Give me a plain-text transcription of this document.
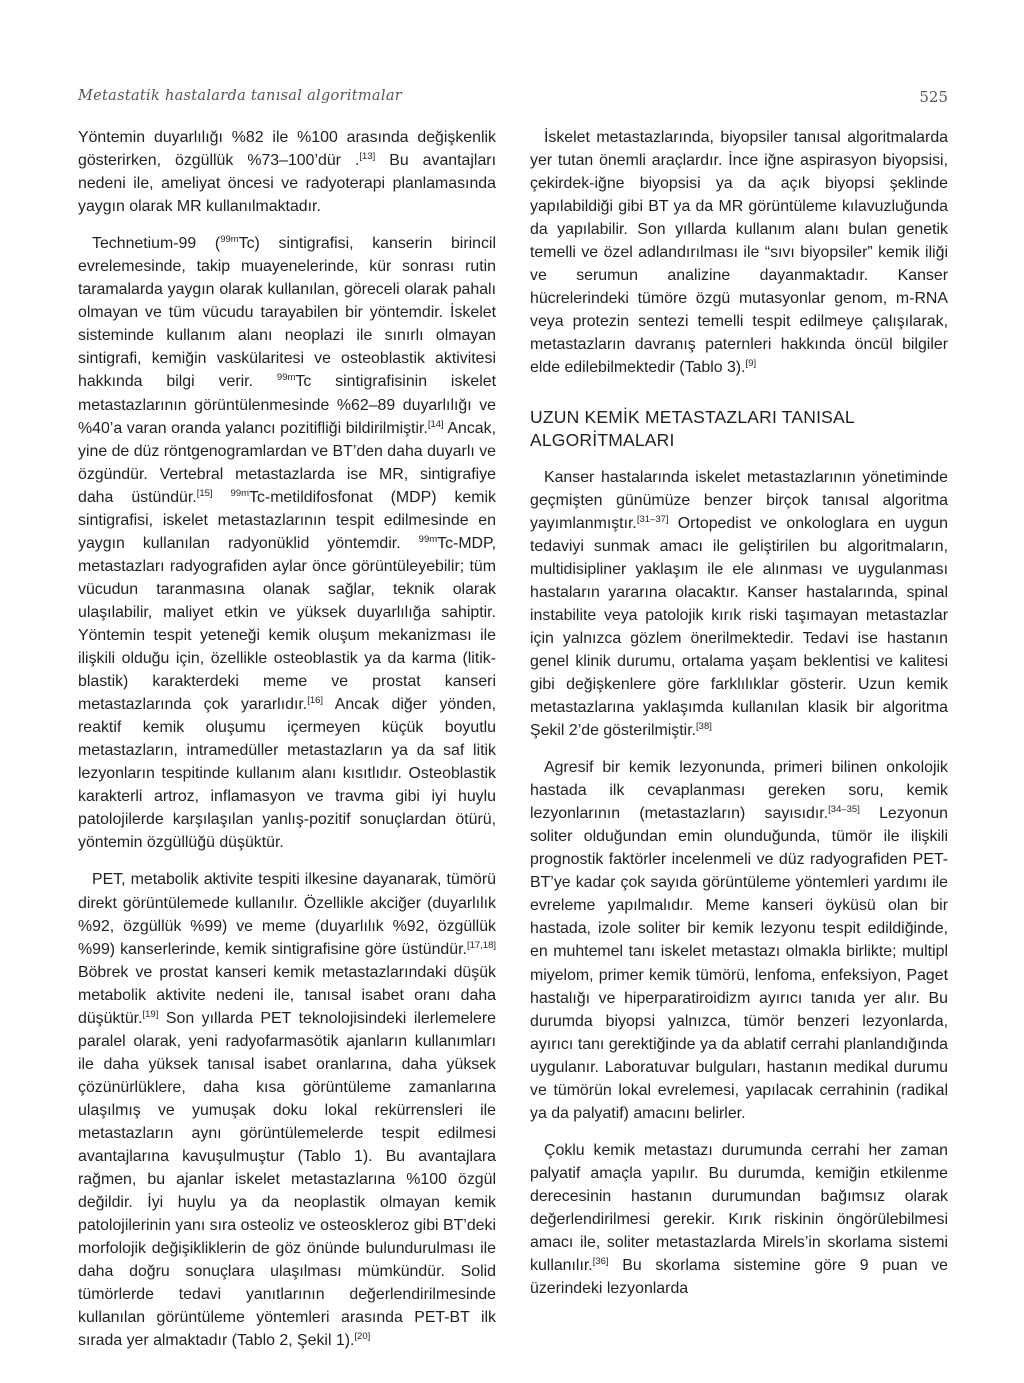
Metastatik hastalarda tanısal algoritmalar	525

Yöntemin duyarlılığı %82 ile %100 arasında değişkenlik gösterirken, özgüllük %73–100’dür .[13] Bu avantajları nedeni ile, ameliyat öncesi ve radyoterapi planlamasında yaygın olarak MR kullanılmaktadır.

Technetium-99 ($^{99m}$Tc) sintigrafisi, kanserin birincil evrelemesinde, takip muayenelerinde, kür sonrası rutin taramalarda yaygın olarak kullanılan, göreceli olarak pahalı olmayan ve tüm vücudu tarayabilen bir yöntemdir. İskelet sisteminde kullanım alanı neoplazi ile sınırlı olmayan sintigrafi, kemiğin vaskülaritesi ve osteoblastik aktivitesi hakkında bilgi verir. $^{99m}$Tc sintigrafisinin iskelet metastazlarının görüntülenmesinde %62–89 duyarlılığı ve %40’a varan oranda yalancı pozitifliği bildirilmiştir.[14] Ancak, yine de düz röntgenogramlardan ve BT’den daha duyarlı ve özgündür. Vertebral metastazlarda ise MR, sintigrafiye daha üstündür.[15] $^{99m}$Tc-metildifosfonat (MDP) kemik sintigrafisi, iskelet metastazlarının tespit edilmesinde en yaygın kullanılan radyonüklid yöntemdir. $^{99m}$Tc-MDP, metastazları radyografiden aylar önce görüntüleyebilir; tüm vücudun taranmasına olanak sağlar, teknik olarak ulaşılabilir, maliyet etkin ve yüksek duyarlılığa sahiptir. Yöntemin tespit yeteneği kemik oluşum mekanizması ile ilişkili olduğu için, özellikle osteoblastik ya da karma (litik-blastik) karakterdeki meme ve prostat kanseri metastazlarında çok yararlıdır.[16] Ancak diğer yönden, reaktif kemik oluşumu içermeyen küçük boyutlu metastazların, intramedüller metastazların ya da saf litik lezyonların tespitinde kullanım alanı kısıtlıdır. Osteoblastik karakterli artroz, inflamasyon ve travma gibi iyi huylu patolojilerde karşılaşılan yanlış-pozitif sonuçlardan ötürü, yöntemin özgüllüğü düşüktür.

PET, metabolik aktivite tespiti ilkesine dayanarak, tümörü direkt görüntülemede kullanılır. Özellikle akciğer (duyarlılık %92, özgüllük %99) ve meme (duyarlılık %92, özgüllük %99) kanserlerinde, kemik sintigrafisine göre üstündür.[17,18] Böbrek ve prostat kanseri kemik metastazlarındaki düşük metabolik aktivite nedeni ile, tanısal isabet oranı daha düşüktür.[19] Son yıllarda PET teknolojisindeki ilerlemelere paralel olarak, yeni radyofarmasötik ajanların kullanımları ile daha yüksek tanısal isabet oranlarına, daha yüksek çözünürlüklere, daha kısa görüntüleme zamanlarına ulaşılmış ve yumuşak doku lokal rekürrensleri ile metastazların aynı görüntülemelerde tespit edilmesi avantajlarına kavuşulmuştur (Tablo 1). Bu avantajlara rağmen, bu ajanlar iskelet metastazlarına %100 özgül değildir. İyi huylu ya da neoplastik olmayan kemik patolojilerinin yanı sıra osteoliz ve osteoskleroz gibi BT’deki morfolojik değişikliklerin de göz önünde bulundurulması ile daha doğru sonuçlara ulaşılması mümkündür. Solid tümörlerde tedavi yanıtlarının değerlendirilmesinde kullanılan görüntüleme yöntemleri arasında PET-BT ilk sırada yer almaktadır (Tablo 2, Şekil 1).[20]

İskelet metastazlarında, biyopsiler tanısal algoritmalarda yer tutan önemli araçlardır. İnce iğne aspirasyon biyopsisi, çekirdek-iğne biyopsisi ya da açık biyopsi şeklinde yapılabildiği gibi BT ya da MR görüntüleme kılavuzluğunda da yapılabilir. Son yıllarda kullanım alanı bulan genetik temelli ve özel adlandırılması ile “sıvı biyopsiler” kemik iliği ve serumun analizine dayanmaktadır. Kanser hücrelerindeki tümöre özgü mutasyonlar genom, m-RNA veya protezin sentezi temelli tespit edilmeye çalışılarak, metastazların davranış paternleri hakkında öncül bilgiler elde edilebilmektedir (Tablo 3).[9]

UZUN KEMİK METASTAZLARI TANISAL
ALGORİTMALARI

Kanser hastalarında iskelet metastazlarının yönetiminde geçmişten günümüze benzer birçok tanısal algoritma yayımlanmıştır.[31–37] Ortopedist ve onkologlara en uygun tedaviyi sunmak amacı ile geliştirilen bu algoritmaların, multidisipliner yaklaşım ile ele alınması ve uygulanması hastaların yararına olacaktır. Kanser hastalarında, spinal instabilite veya patolojik kırık riski taşımayan metastazlar için yalnızca gözlem önerilmektedir. Tedavi ise hastanın genel klinik durumu, ortalama yaşam beklentisi ve kalitesi gibi değişkenlere göre farklılıklar gösterir. Uzun kemik metastazlarına yaklaşımda kullanılan klasik bir algoritma Şekil 2’de gösterilmiştir.[38]

Agresif bir kemik lezyonunda, primeri bilinen onkolojik hastada ilk cevaplanması gereken soru, kemik lezyonlarının (metastazların) sayısıdır.[34–35] Lezyonun soliter olduğundan emin olunduğunda, tümör ile ilişkili prognostik faktörler incelenmeli ve düz radyografiden PET-BT’ye kadar çok sayıda görüntüleme yöntemleri yardımı ile evreleme yapılmalıdır. Meme kanseri öyküsü olan bir hastada, izole soliter bir kemik lezyonu tespit edildiğinde, en muhtemel tanı iskelet metastazı olmakla birlikte; multipl miyelom, primer kemik tümörü, lenfoma, enfeksiyon, Paget hastalığı ve hiperparatiroidizm ayırıcı tanıda yer alır. Bu durumda biyopsi yalnızca, tümör benzeri lezyonlarda, ayırıcı tanı gerektiğinde ya da ablatif cerrahi planlandığında uygulanır. Laboratuvar bulguları, hastanın medikal durumu ve tümörün lokal evrelemesi, yapılacak cerrahinin (radikal ya da palyatif) amacını belirler.

Çoklu kemik metastazı durumunda cerrahi her zaman palyatif amaçla yapılır. Bu durumda, kemiğin etkilenme derecesinin hastanın durumundan bağımsız olarak değerlendirilmesi gerekir. Kırık riskinin öngörülebilmesi amacı ile, soliter metastazlarda Mirels’in skorlama sistemi kullanılır.[36] Bu skorlama sistemine göre 9 puan ve üzerindeki lezyonlarda
